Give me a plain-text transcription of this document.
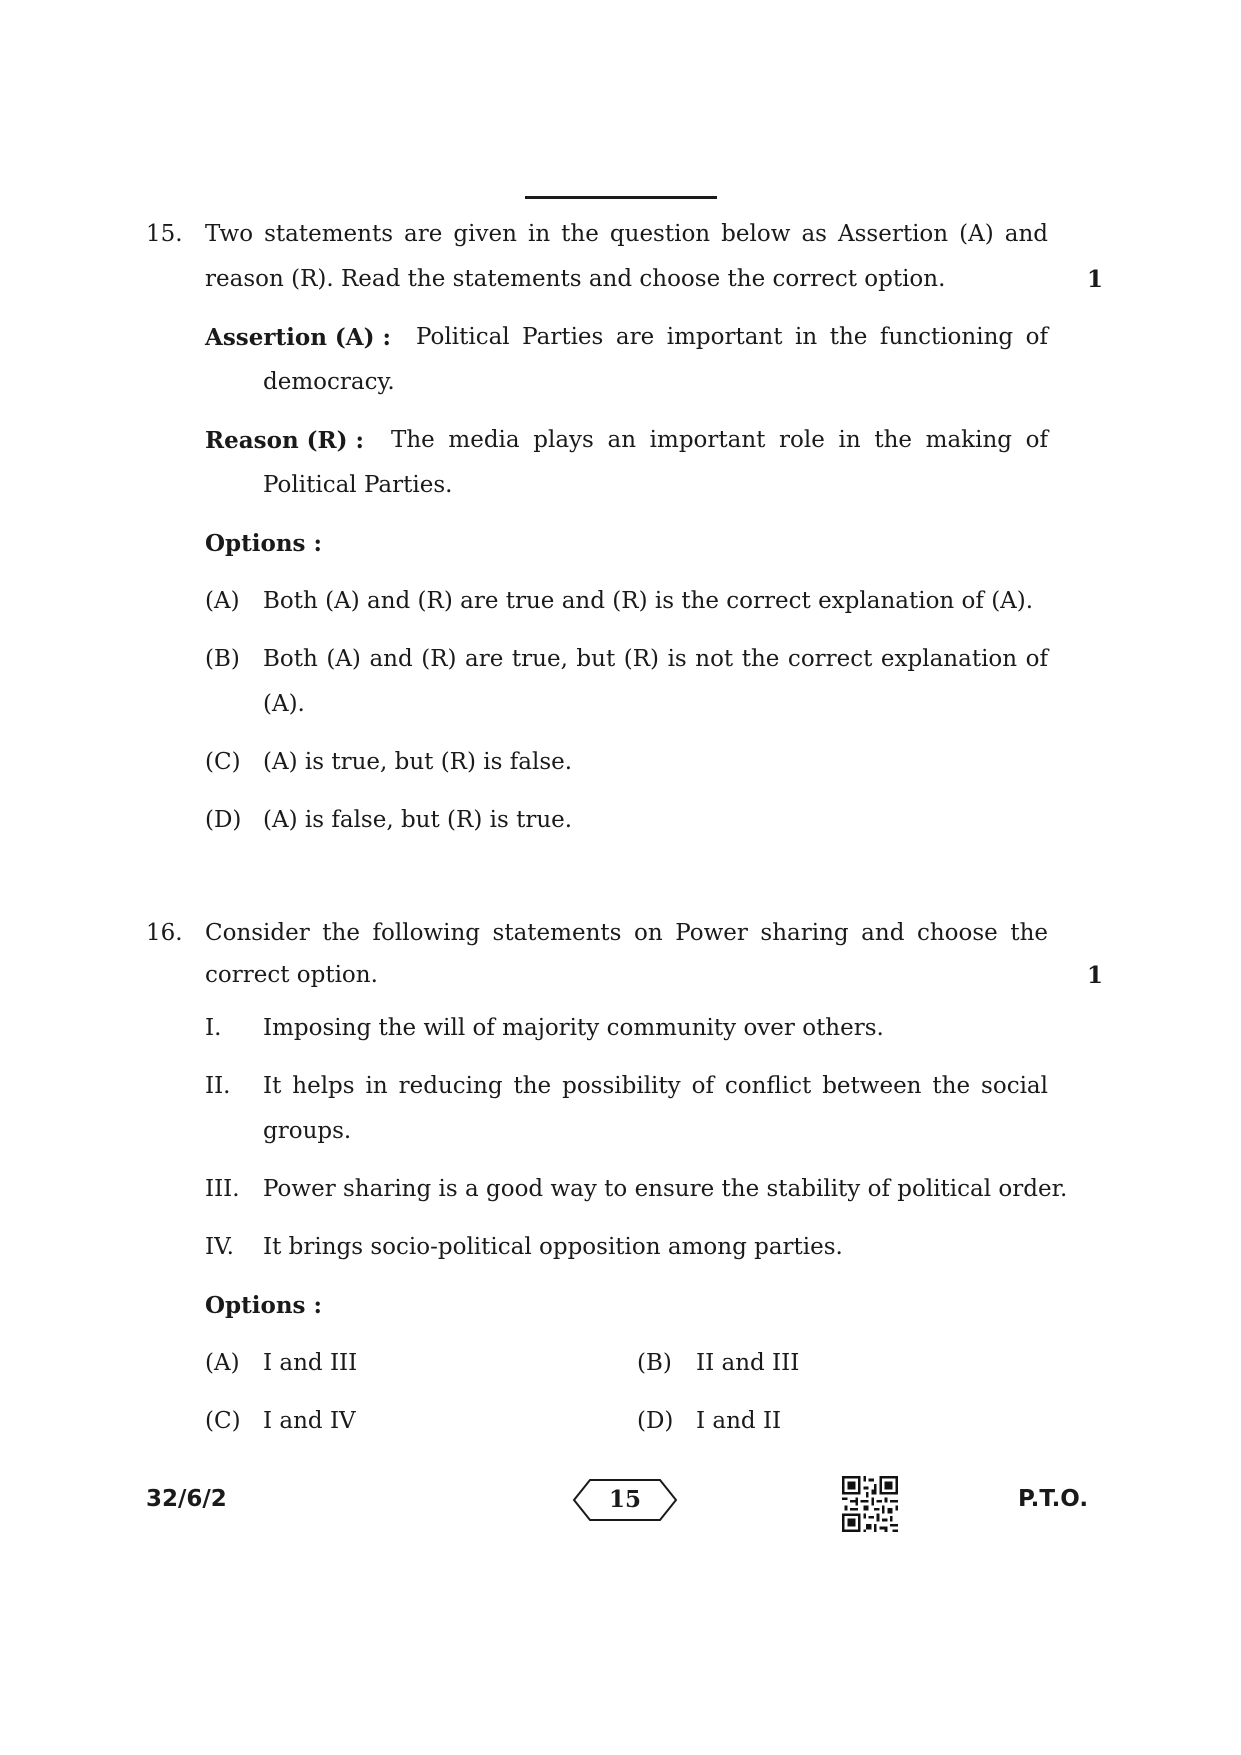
15. Two statements are given in the question below as Assertion (A) and
reason (R). Read the statements and choose the correct option.	1
Assertion (A) : Political Parties are important in the functioning of
democracy.
Reason (R) : The media plays an important role in the making of
Political Parties.
Options :
(A) Both (A) and (R) are true and (R) is the correct explanation of (A).
(B) Both (A) and (R) are true, but (R) is not the correct explanation of
(A).
(C) (A) is true, but (R) is false.
(D) (A) is false, but (R) is true.
16. Consider the following statements on Power sharing and choose the
correct option.	1
I. Imposing the will of majority community over others.
II. It helps in reducing the possibility of conflict between the social
groups.
III. Power sharing is a good way to ensure the stability of political order.
IV. It brings socio-political opposition among parties.
Options :
(A) I and III	(B) II and III
(C) I and IV	(D) I and II
32/6/2	15	P.T.O.
